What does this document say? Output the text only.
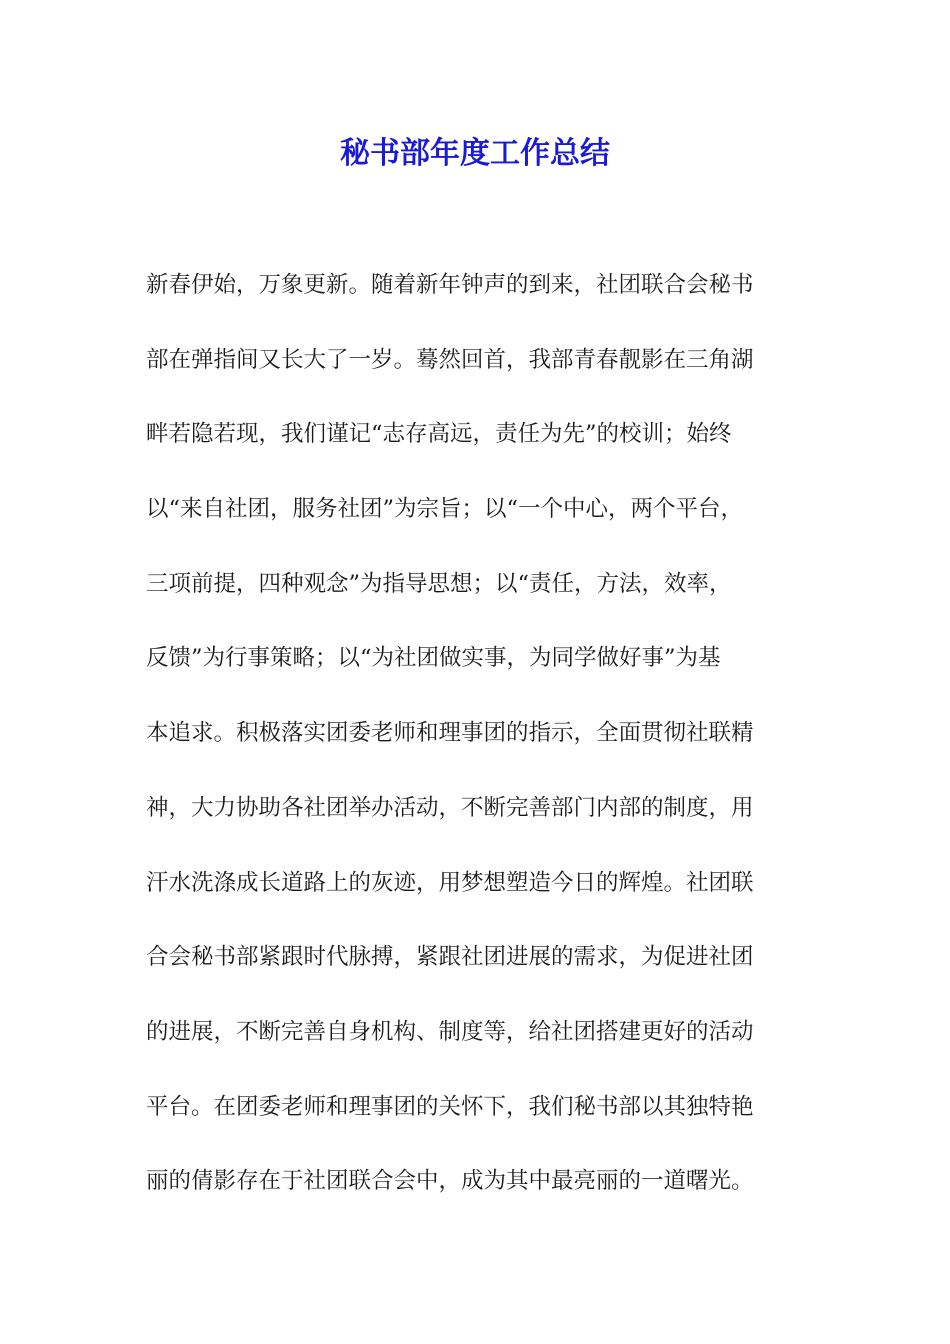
秘书部年度工作总结
新春伊始，万象更新。随着新年钟声的到来，社团联合会秘书
部在弹指间又长大了一岁。蓦然回首，我部青春靓影在三角湖
畔若隐若现，我们谨记“志存高远，责任为先”的校训；始终
以“来自社团，服务社团”为宗旨；以“一个中心，两个平台，
三项前提，四种观念”为指导思想；以“责任，方法，效率，
反馈”为行事策略；以“为社团做实事，为同学做好事”为基
本追求。积极落实团委老师和理事团的指示，全面贯彻社联精
神，大力协助各社团举办活动，不断完善部门内部的制度，用
汗水洗涤成长道路上的灰迹，用梦想塑造今日的辉煌。社团联
合会秘书部紧跟时代脉搏，紧跟社团进展的需求，为促进社团
的进展，不断完善自身机构、制度等，给社团搭建更好的活动
平台。在团委老师和理事团的关怀下，我们秘书部以其独特艳
丽的倩影存在于社团联合会中，成为其中最亮丽的一道曙光。
